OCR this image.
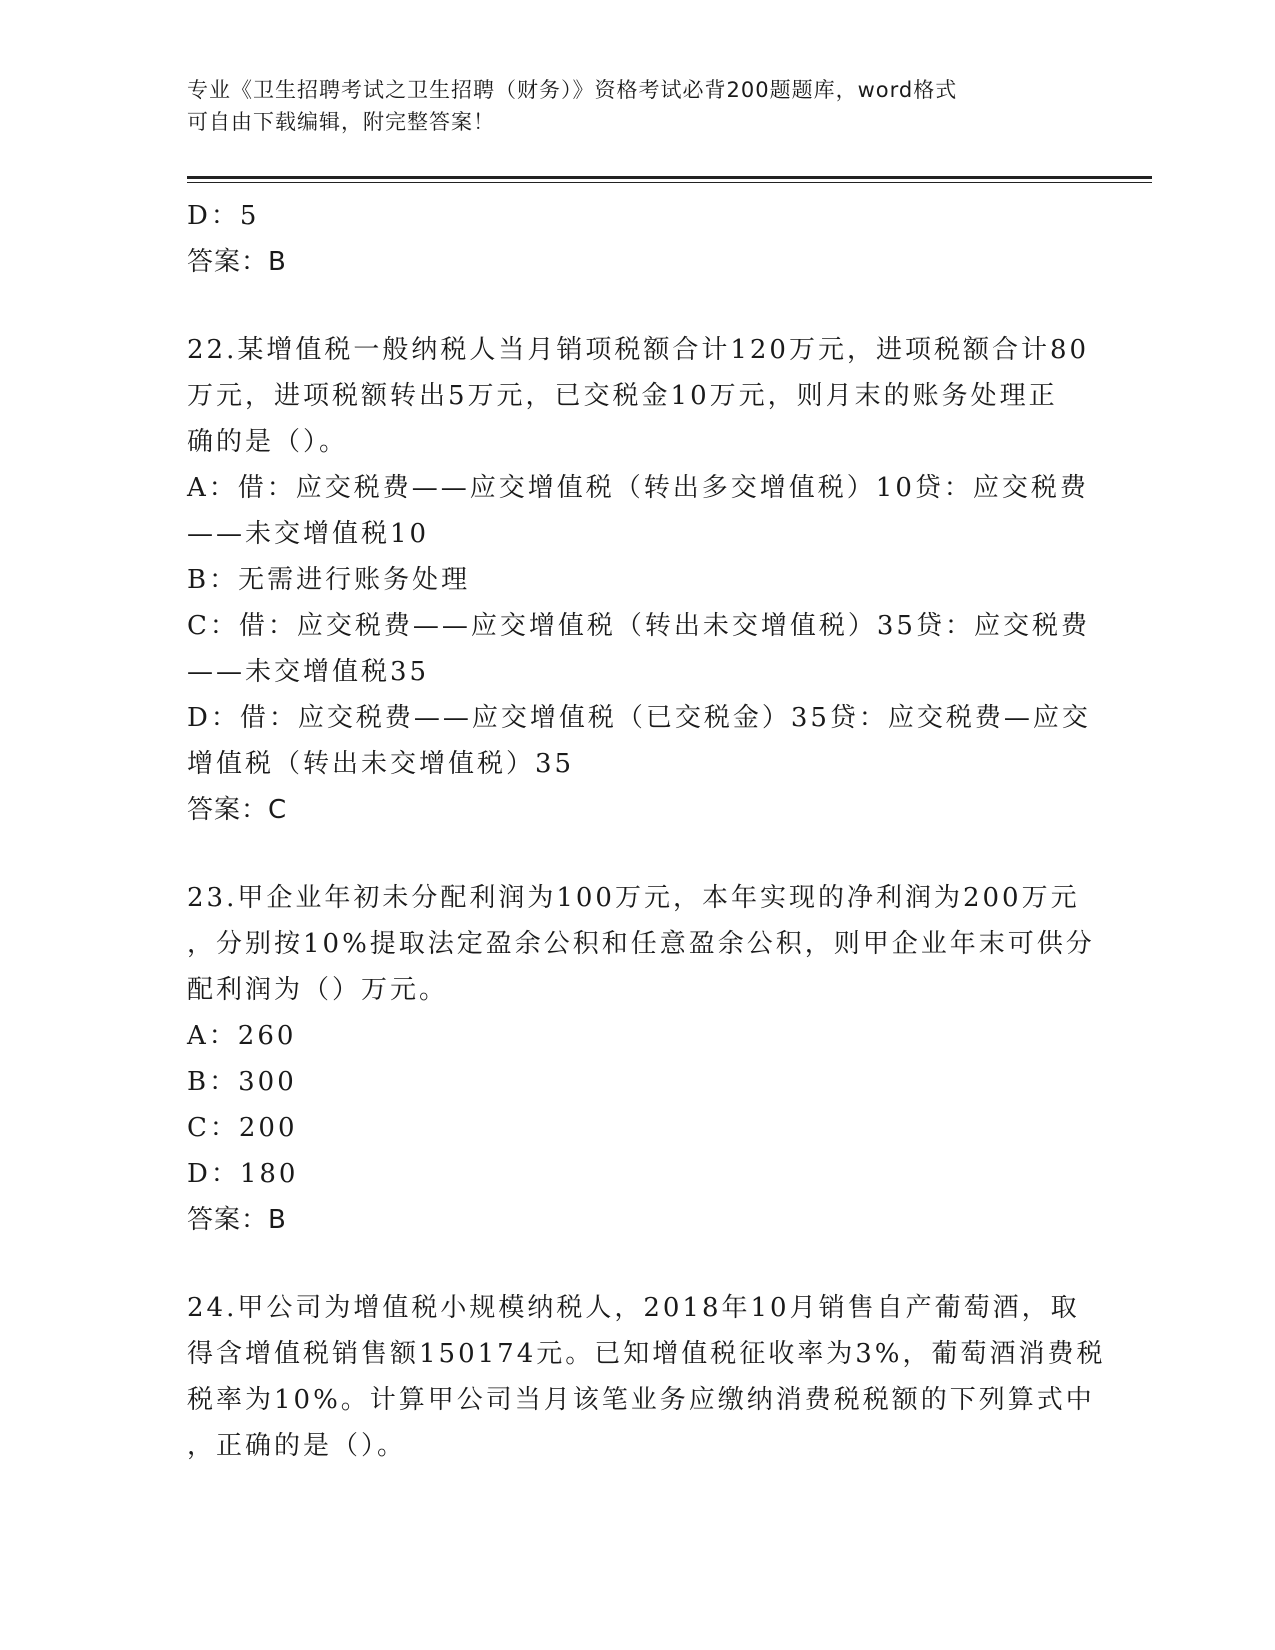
专业《卫生招聘考试之卫生招聘（财务）》资格考试必背200题题库，word格式
可自由下载编辑，附完整答案！
D：5
答案：B
22.某增值税一般纳税人当月销项税额合计120万元，进项税额合计80
万元，进项税额转出5万元，已交税金10万元，则月末的账务处理正
确的是（）。
A：借：应交税费——应交增值税（转出多交增值税）10贷：应交税费
——未交增值税10
B：无需进行账务处理
C：借：应交税费——应交增值税（转出未交增值税）35贷：应交税费
——未交增值税35
D：借：应交税费——应交增值税（已交税金）35贷：应交税费—应交
增值税（转出未交增值税）35
答案：C
23.甲企业年初未分配利润为100万元，本年实现的净利润为200万元
，分别按10%提取法定盈余公积和任意盈余公积，则甲企业年末可供分
配利润为（）万元。
A：260
B：300
C：200
D：180
答案：B
24.甲公司为增值税小规模纳税人，2018年10月销售自产葡萄酒，取
得含增值税销售额150174元。已知增值税征收率为3%，葡萄酒消费税
税率为10%。计算甲公司当月该笔业务应缴纳消费税税额的下列算式中
，正确的是（）。
